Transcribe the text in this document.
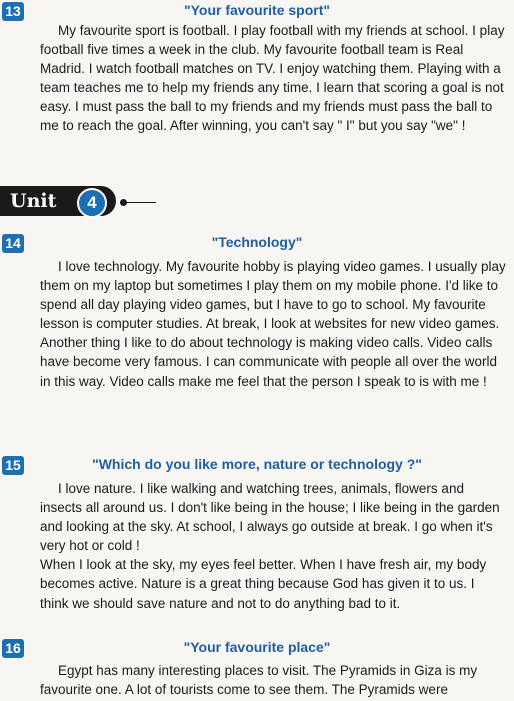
13	"Your favourite sport"

My favourite sport is football. I play football with my friends at school. I play football five times a week in the club. My favourite football team is Real Madrid. I watch football matches on TV. I enjoy watching them. Playing with a team teaches me to help my friends any time. I learn that scoring a goal is not easy. I must pass the ball to my friends and my friends must pass the ball to me to reach the goal. After winning, you can't say " I" but you say "we" !

Unit	4
14	"Technology"

I love technology. My favourite hobby is playing video games. I usually play them on my laptop but sometimes I play them on my mobile phone. I'd like to spend all day playing video games, but I have to go to school. My favourite lesson is computer studies. At break, I look at websites for new video games.

Another thing I like to do about technology is making video calls. Video calls have become very famous. I can communicate with people all over the world in this way. Video calls make me feel that the person I speak to is with me !

15	"Which do you like more, nature or technology ?"

I love nature. I like walking and watching trees, animals, flowers and insects all around us. I don't like being in the house; I like being in the garden and looking at the sky. At school, I always go outside at break. I go when it's very hot or cold !

When I look at the sky, my eyes feel better. When I have fresh air, my body becomes active. Nature is a great thing because God has given it to us. I think we should save nature and not to do anything bad to it.

16	"Your favourite place"

Egypt has many interesting places to visit. The Pyramids in Giza is my favourite one. A lot of tourists come to see them. The Pyramids were
